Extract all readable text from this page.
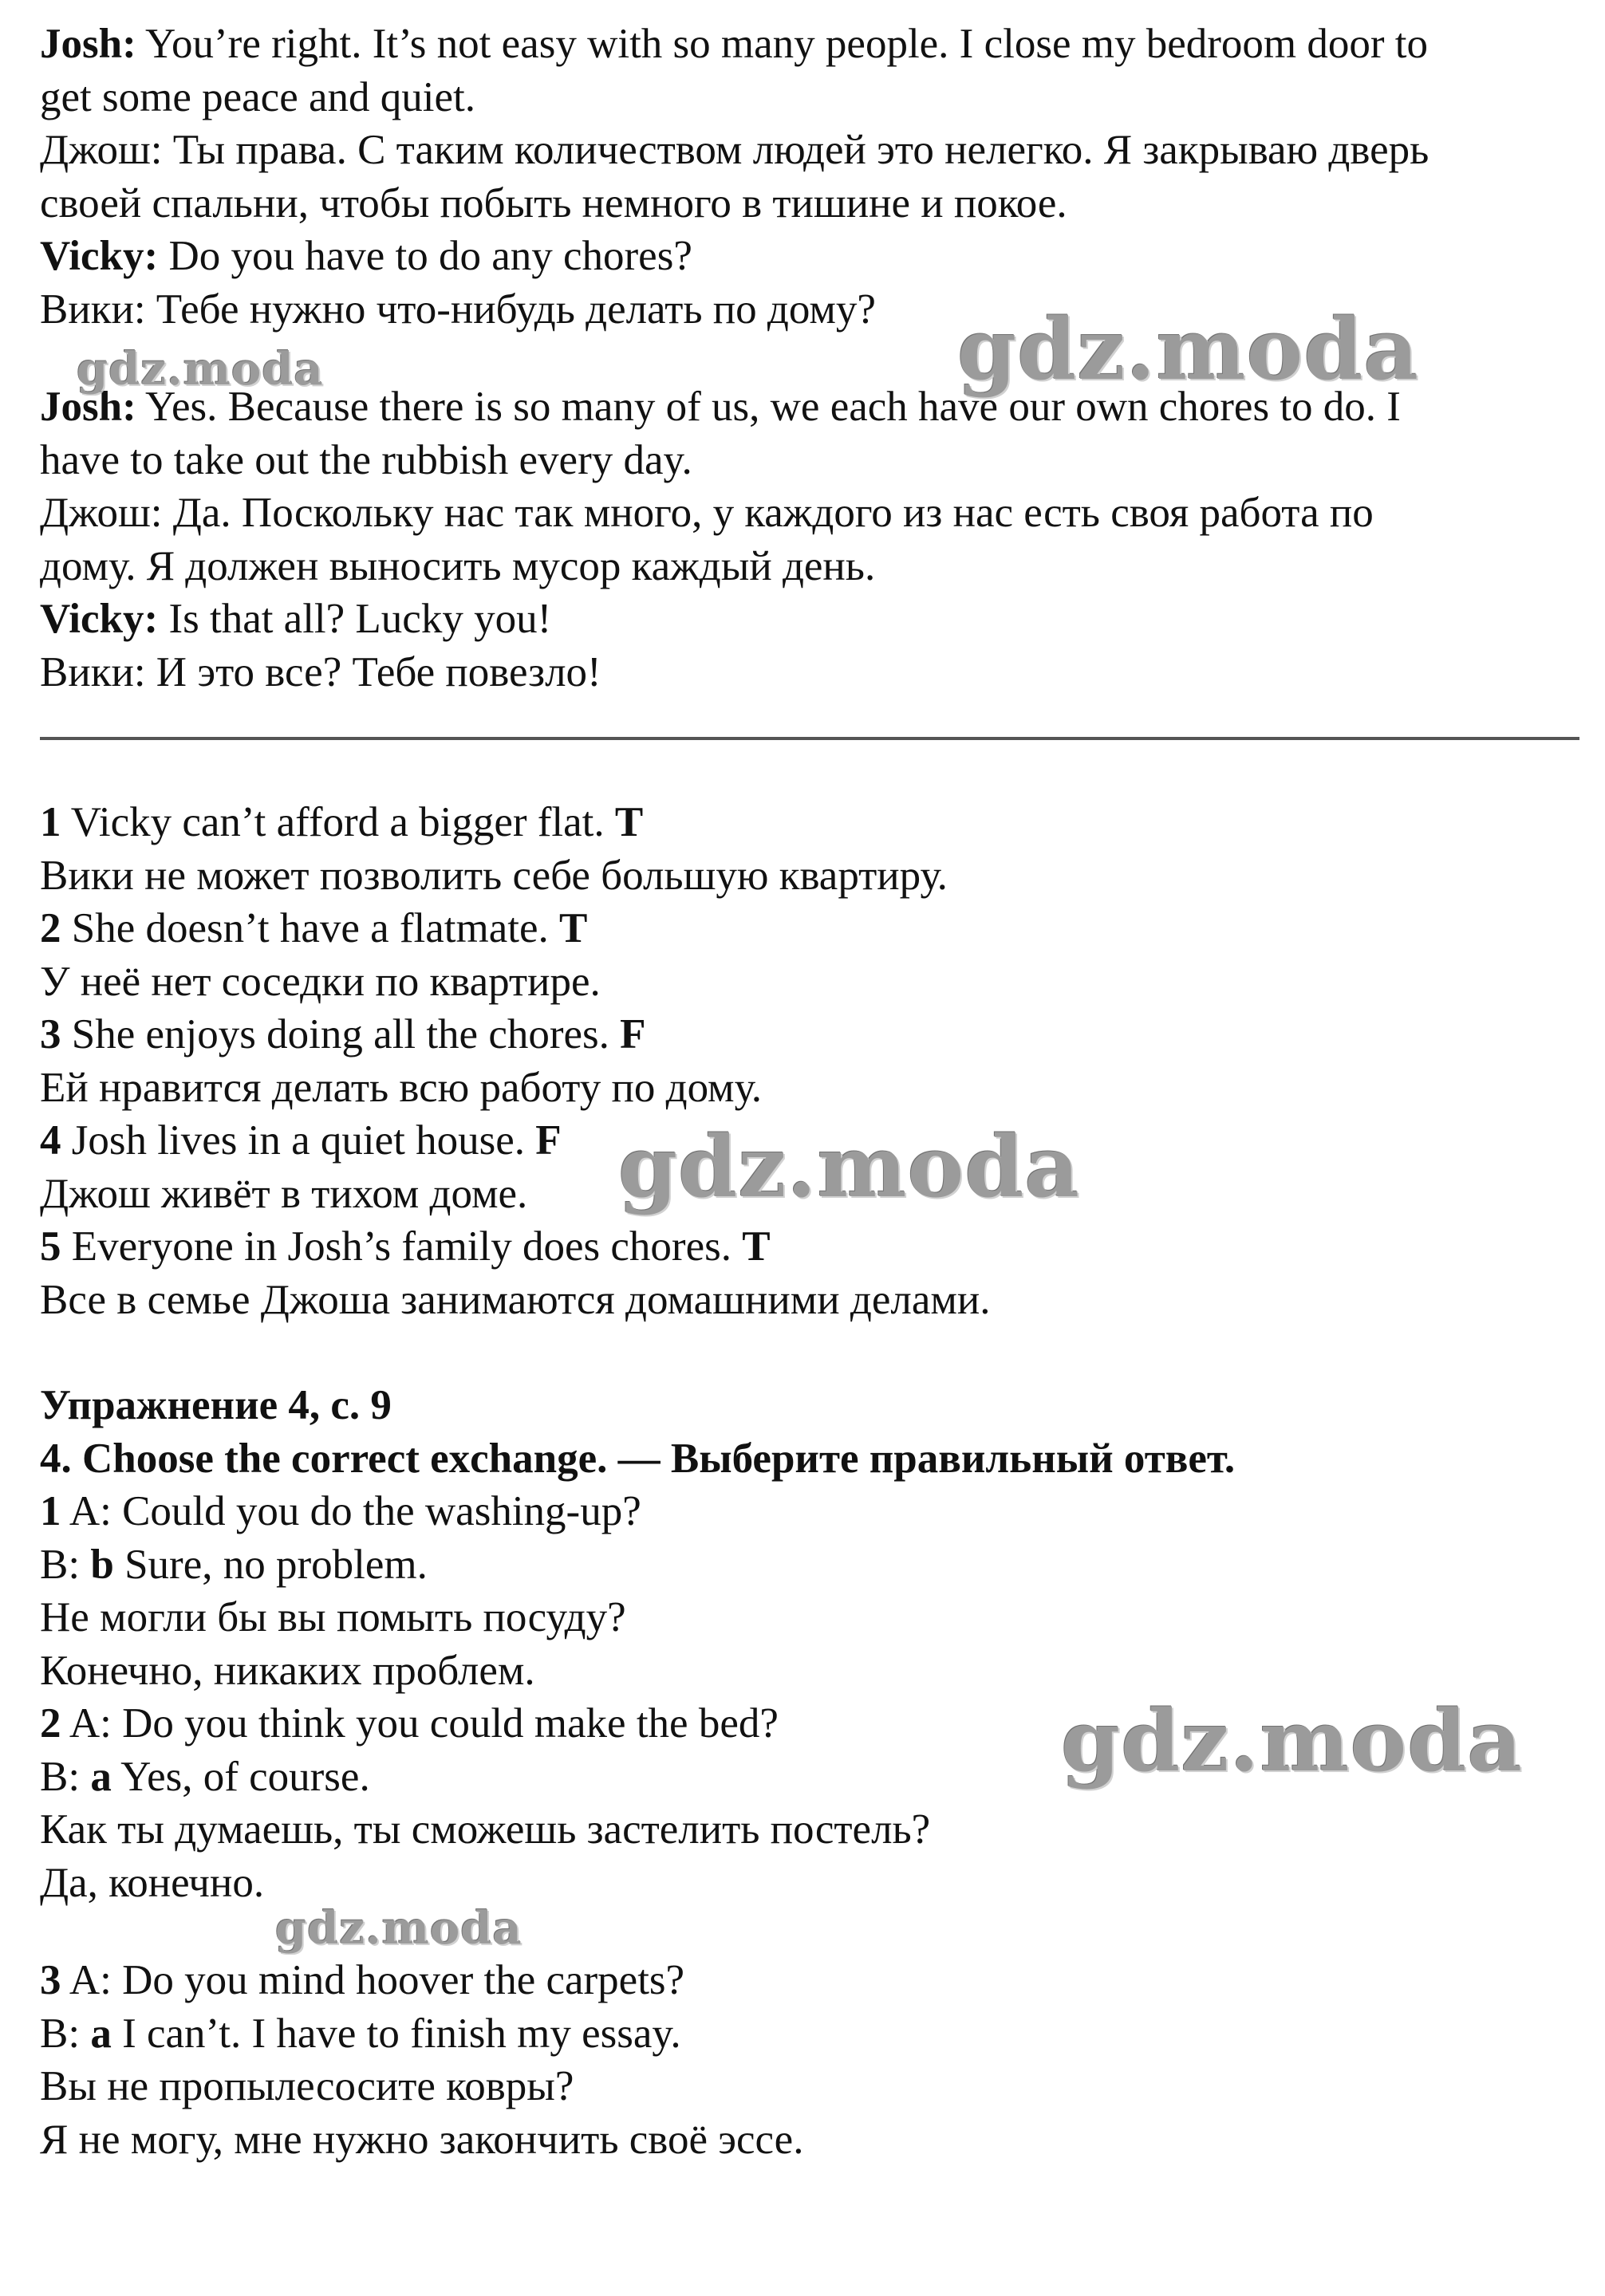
Josh: You’re right. It’s not easy with so many people. I close my bedroom door to

get some peace and quiet.

Джош: Ты права. С таким количеством людей это нелегко. Я закрываю дверь

своей спальни, чтобы побыть немного в тишине и покое.

Vicky: Do you have to do any chores?

Вики: Тебе нужно что-нибудь делать по дому?

Josh: Yes. Because there is so many of us, we each have our own chores to do. I

have to take out the rubbish every day.

Джош: Да. Поскольку нас так много, у каждого из нас есть своя работа по

дому. Я должен выносить мусор каждый день.

Vicky: Is that all? Lucky you!

Вики: И это все? Тебе повезло!

1 Vicky can’t afford a bigger flat. T

Вики не может позволить себе большую квартиру.

2 She doesn’t have a flatmate. T

У неё нет соседки по квартире.

3 She enjoys doing all the chores. F

Ей нравится делать всю работу по дому.

4 Josh lives in a quiet house. F

Джош живёт в тихом доме.

5 Everyone in Josh’s family does chores. T

Все в семье Джоша занимаются домашними делами.

Упражнение 4, с. 9

4. Choose the correct exchange. — Выберите правильный ответ.

1 A: Could you do the washing-up?

B: b Sure, no problem.

Не могли бы вы помыть посуду?

Конечно, никаких проблем.

2 A: Do you think you could make the bed?

B: a Yes, of course.

Как ты думаешь, ты сможешь застелить постель?

Да, конечно.

3 A: Do you mind hoover the carpets?

B: a I can’t. I have to finish my essay.

Вы не пропылесосите ковры?

Я не могу, мне нужно закончить своё эссе.

gdz.moda
gdz.moda
gdz.moda
gdz.moda
gdz.moda
